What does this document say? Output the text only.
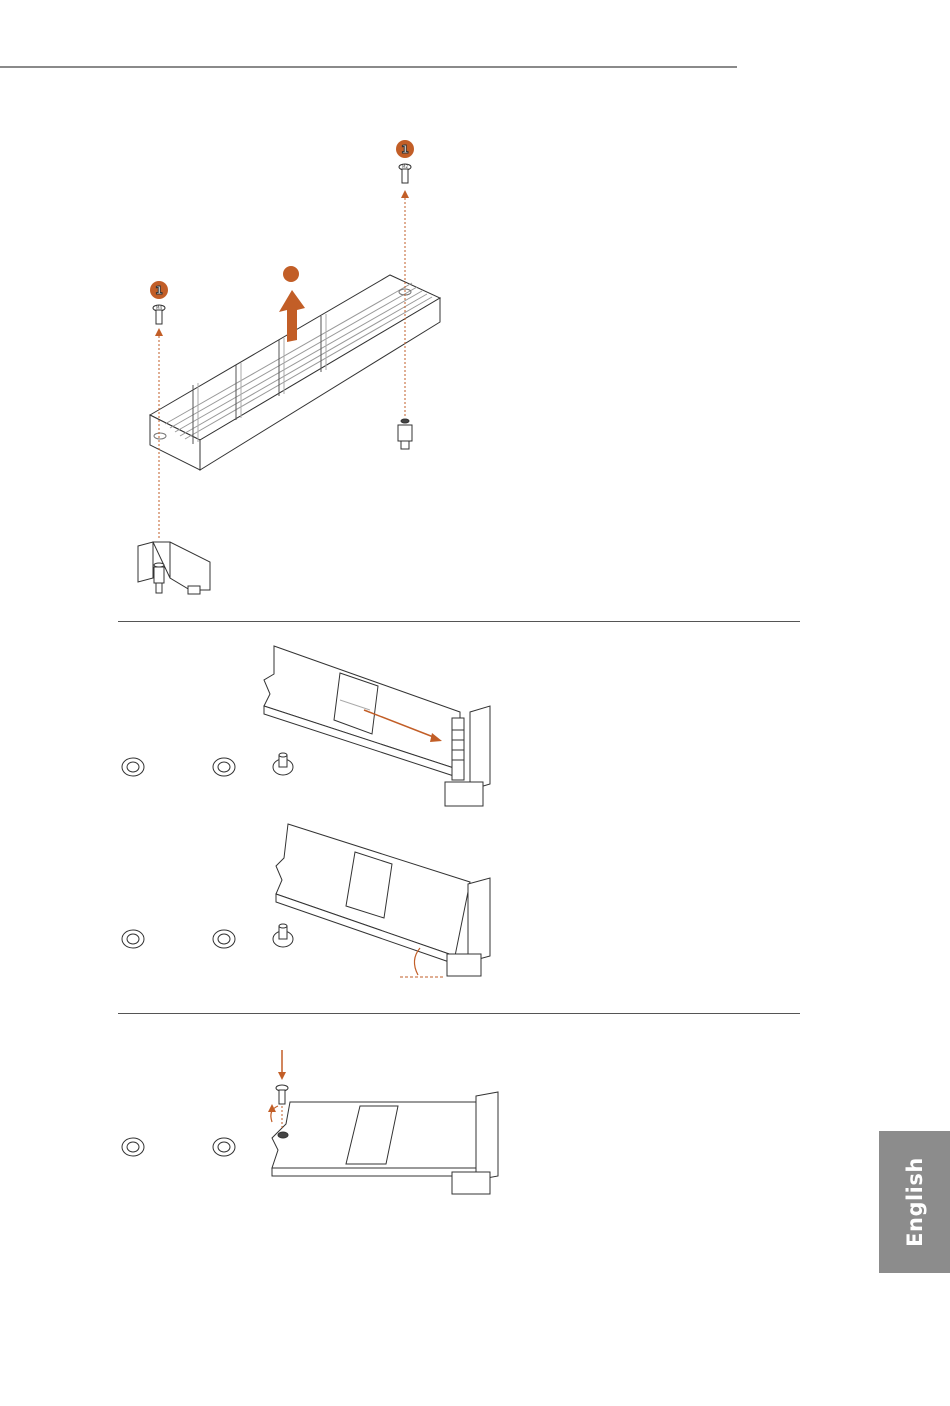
1
M4
1
M2
English
